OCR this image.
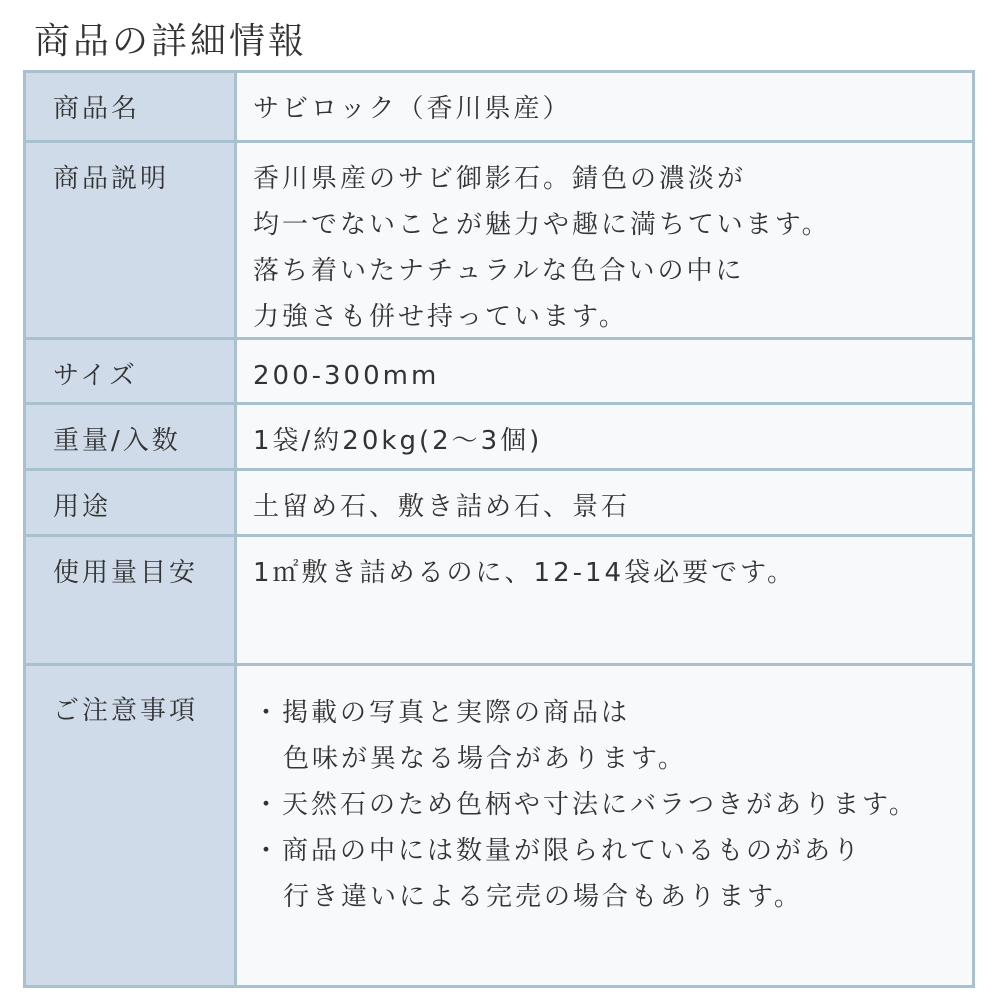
商品の詳細情報
商品名	サビロック（香川県産）
商品説明	香川県産のサビ御影石。錆色の濃淡が
均一でないことが魅力や趣に満ちています。
落ち着いたナチュラルな色合いの中に
力強さも併せ持っています。
サイズ	200-300mm
重量/入数	1袋/約20kg(2～3個)
用途	土留め石、敷き詰め石、景石
使用量目安 1㎡敷き詰めるのに、12-14袋必要です。
ご注意事項 ・掲載の写真と実際の商品は
色味が異なる場合があります。
・天然石のため色柄や寸法にバラつきがあります。
・商品の中には数量が限られているものがあり
行き違いによる完売の場合もあります。
